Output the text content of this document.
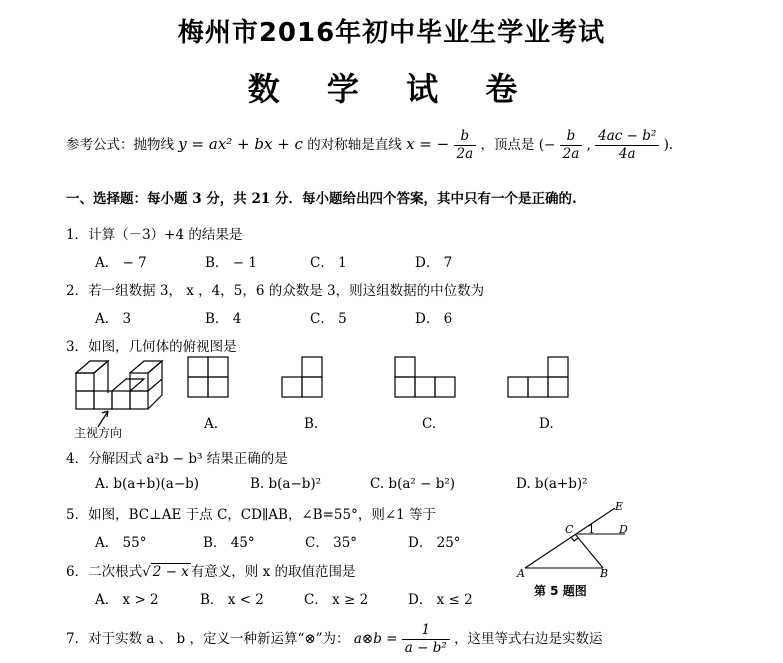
梅州市2016年初中毕业生学业考试
数 学 试 卷
参考公式：抛物线 y = ax² + bx + c 的对称轴是直线 x = − $\frac{b}{2a}$ ，顶点是 (− $\frac{b}{2a}$ , $\frac{\text{4ac − b²}}{4a}$ )．
一、选择题：每小题 3 分，共 21 分．每小题给出四个答案，其中只有一个是正确的.
1．计算（－3）+4 的结果是
A． − 7	B． − 1	C． 1	D． 7
2．若一组数据 3， x ，4，5，6 的众数是 3，则这组数据的中位数为
A． 3	B． 4	C． 5	D． 6
3．如图，几何体的俯视图是
主视方向
A.	B.	C.	D.
4．分解因式 a²b − b³ 结果正确的是
A. b(a+b)(a−b)	B. b(a−b)²	C. b(a² − b²)	D. b(a+b)²
5．如图，BC⊥AE 于点 C，CD∥AB，∠B=55°，则∠1 等于
A． 55°	B． 45°	C． 35°	D． 25°
E
C 1 D
A	B
第 5 题图
6．二次根式√ 2 − x 有意义，则 x 的取值范围是
A． x > 2	B． x < 2	C． x ≥ 2	D． x ≤ 2
7．对于实数 a 、 b ，定义一种新运算“⊗”为： a⊗b = $\frac{1}{\text{a − b²}}$ ，这里等式右边是实数运
